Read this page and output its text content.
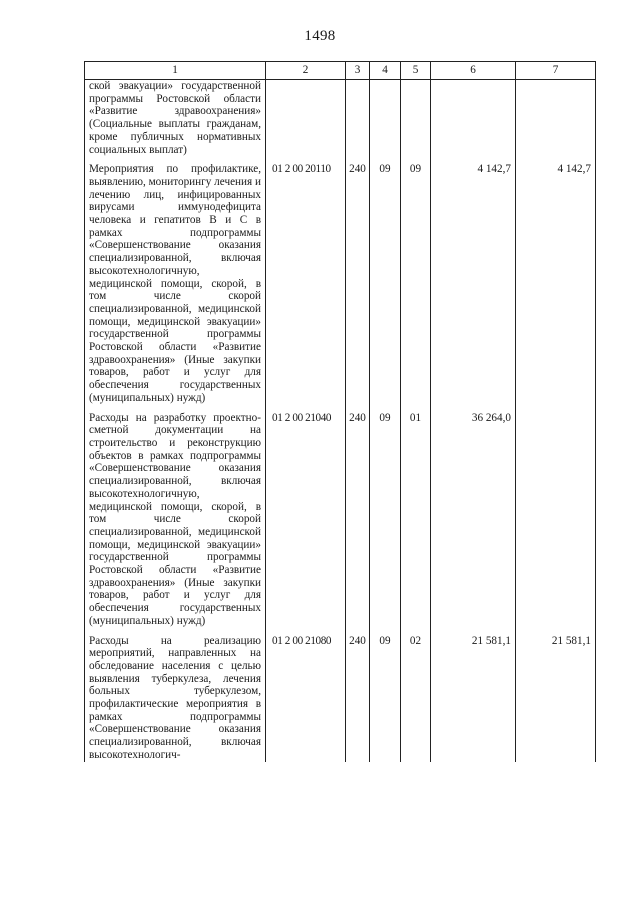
1498
1	2	3	4	5	6	7

ской эвакуации» государственной программы Ростовской области «Развитие здравоохранения» (Социальные выплаты гражданам, кроме публичных нормативных социальных выплат)						

Мероприятия по профилактике, выявлению, мониторингу лечения и лечению лиц, инфицированных вирусами иммунодефицита человека и гепатитов В и С в рамках подпрограммы «Совершенствование оказания специализированной, включая высокотехнологичную, медицинской помощи, скорой, в том числе скорой специализированной, медицинской помощи, медицинской эвакуации» государственной программы Ростовской области «Развитие здравоохранения» (Иные закупки товаров, работ и услуг для обеспечения государственных (муниципальных) нужд)	01 2 00 20110	240	09	09	4 142,7	4 142,7

Расходы на разработку проектно-сметной документации на строительство и реконструкцию объектов в рамках подпрограммы «Совершенствование оказания специализированной, включая высокотехнологичную, медицинской помощи, скорой, в том числе скорой специализированной, медицинской помощи, медицинской эвакуации» государственной программы Ростовской области «Развитие здравоохранения» (Иные закупки товаров, работ и услуг для обеспечения государственных (муниципальных) нужд)	01 2 00 21040	240	09	01	36 264,0	

Расходы на реализацию мероприятий, направленных на обследование населения с целью выявления туберкулеза, лечения больных туберкулезом, профилактические мероприятия в рамках подпрограммы «Совершенствование оказания специализированной, включая высокотехнологич-	01 2 00 21080	240	09	02	21 581,1	21 581,1
